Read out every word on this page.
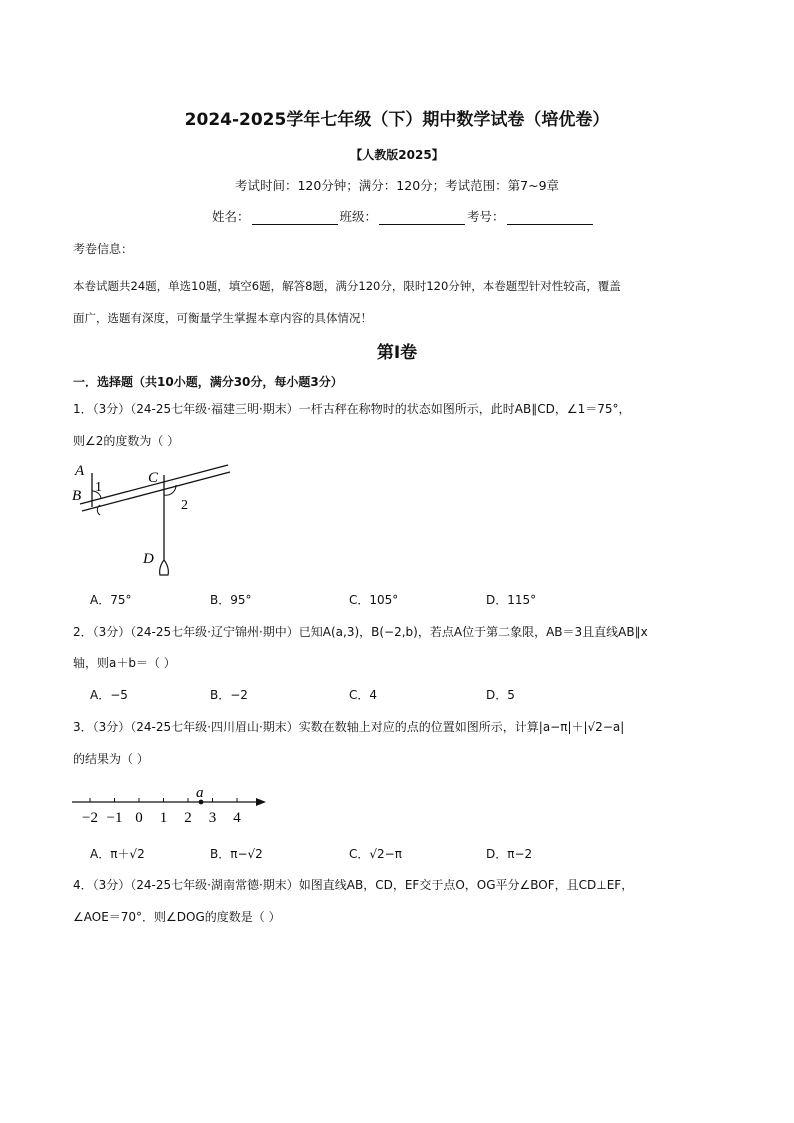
2024-2025学年七年级（下）期中数学试卷（培优卷）
【人教版2025】
考试时间：120分钟；满分：120分；考试范围：第7~9章
姓名：	班级：	考号：
考卷信息：
本卷试题共24题，单选10题，填空6题，解答8题，满分120分，限时120分钟，本卷题型针对性较高，覆盖
面广，选题有深度，可衡量学生掌握本章内容的具体情况！
第Ⅰ卷
一．选择题（共10小题，满分30分，每小题3分）
1．（3分）（24-25七年级·福建三明·期末）一杆古秤在称物时的状态如图所示，此时AB∥CD，∠1＝75°，
则∠2的度数为（ ）
A
B
1
C
2
D
A．75°	B．95°	C．105°	D．115°
2．（3分）（24-25七年级·辽宁锦州·期中）已知A(a,3)，B(−2,b)，若点A位于第二象限，AB＝3且直线AB∥x
轴，则a＋b＝（ ）
A．−5	B．−2	C．4	D．5
3．（3分）（24-25七年级·四川眉山·期末）实数在数轴上对应的点的位置如图所示，计算|a−π|＋|√2−a|
的结果为（ ）
−2 −1 0 1 2 3 4
a
A．π＋√2	B．π−√2	C．√2−π	D．π−2
4．（3分）（24-25七年级·湖南常德·期末）如图直线AB，CD，EF交于点O，OG平分∠BOF，且CD⊥EF，
∠AOE＝70°．则∠DOG的度数是（ ）
